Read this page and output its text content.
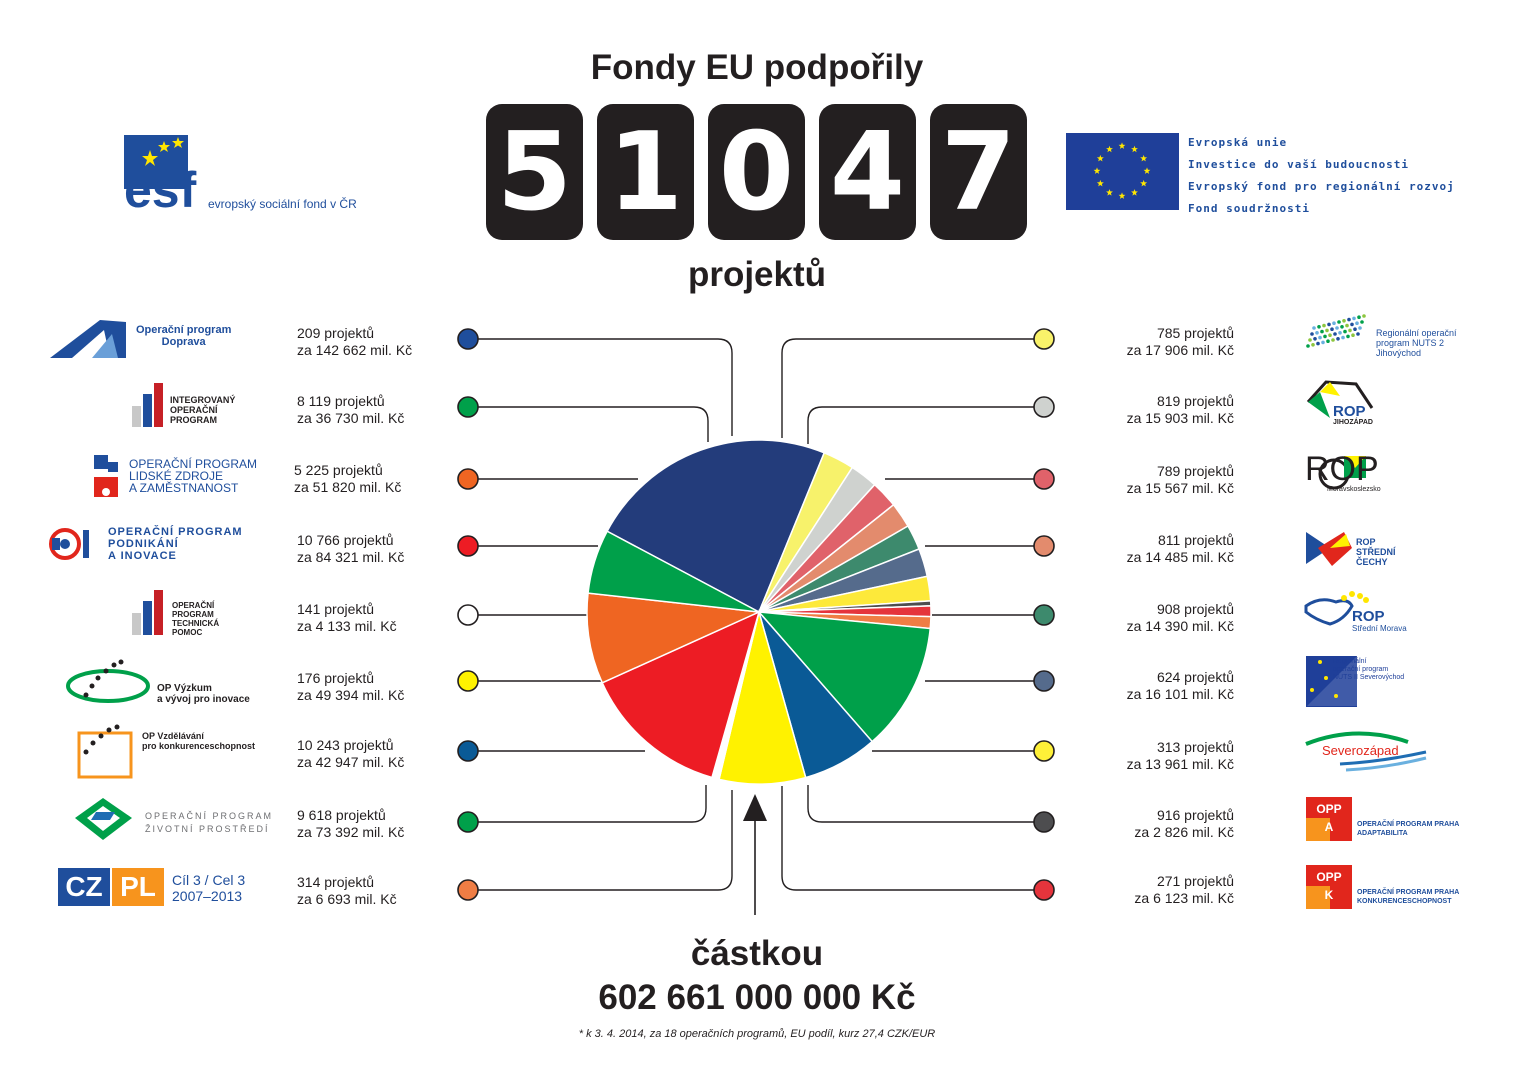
esf evropský sociální fond v ČR
Fondy EU podpořily
5 1 0 4 7
projektů
Evropská unie
Investice do vaší budoucnosti
Evropský fond pro regionální rozvoj
Fond soudržnosti
209 projektů
za 142 662 mil. Kč
8 119 projektů
za 36 730 mil. Kč
5 225 projektů
za 51 820 mil. Kč
10 766 projektů
za 84 321 mil. Kč
141 projektů
za 4 133 mil. Kč
176 projektů
za 49 394 mil. Kč
10 243 projektů
za 42 947 mil. Kč
9 618 projektů
za 73 392 mil. Kč
314 projektů
za 6 693 mil. Kč
785 projektů
za 17 906 mil. Kč
819 projektů
za 15 903 mil. Kč
789 projektů
za 15 567 mil. Kč
811 projektů
za 14 485 mil. Kč
908 projektů
za 14 390 mil. Kč
624 projektů
za 16 101 mil. Kč
313 projektů
za 13 961 mil. Kč
916 projektů
za 2 826 mil. Kč
271 projektů
za 6 123 mil. Kč
Operační program
Doprava
INTEGROVANÝ
OPERAČNÍ
PROGRAM
OPERAČNÍ PROGRAM
LIDSKÉ ZDROJE
A ZAMĚSTNANOST
OPERAČNÍ PROGRAM
PODNIKÁNÍ
A INOVACE
OPERAČNÍ
PROGRAM
TECHNICKÁ
POMOC
OP Výzkum
a vývoj pro inovace
OP Vzdělávání
pro konkurenceschopnost
OPERAČNÍ PROGRAM
ŽIVOTNÍ PROSTŘEDÍ
CZ PL	Cíl 3 / Cel 3
2007–2013
Regionální operační
program NUTS 2
Jihovýchod
ROP
JIHOZÁPAD
ROP
Moravskoslezsko
ROP
STŘEDNÍ
ČECHY
ROP
Střední Morava
Regionální
operační program
NUTS II Severovýchod
Severozápad
OPP
A	OPERAČNÍ PROGRAM PRAHA
ADAPTABILITA
OPP
K	OPERAČNÍ PROGRAM PRAHA
KONKURENCESCHOPNOST
částkou
602 661 000 000 Kč
* k 3. 4. 2014, za 18 operačních programů, EU podíl, kurz 27,4 CZK/EUR
